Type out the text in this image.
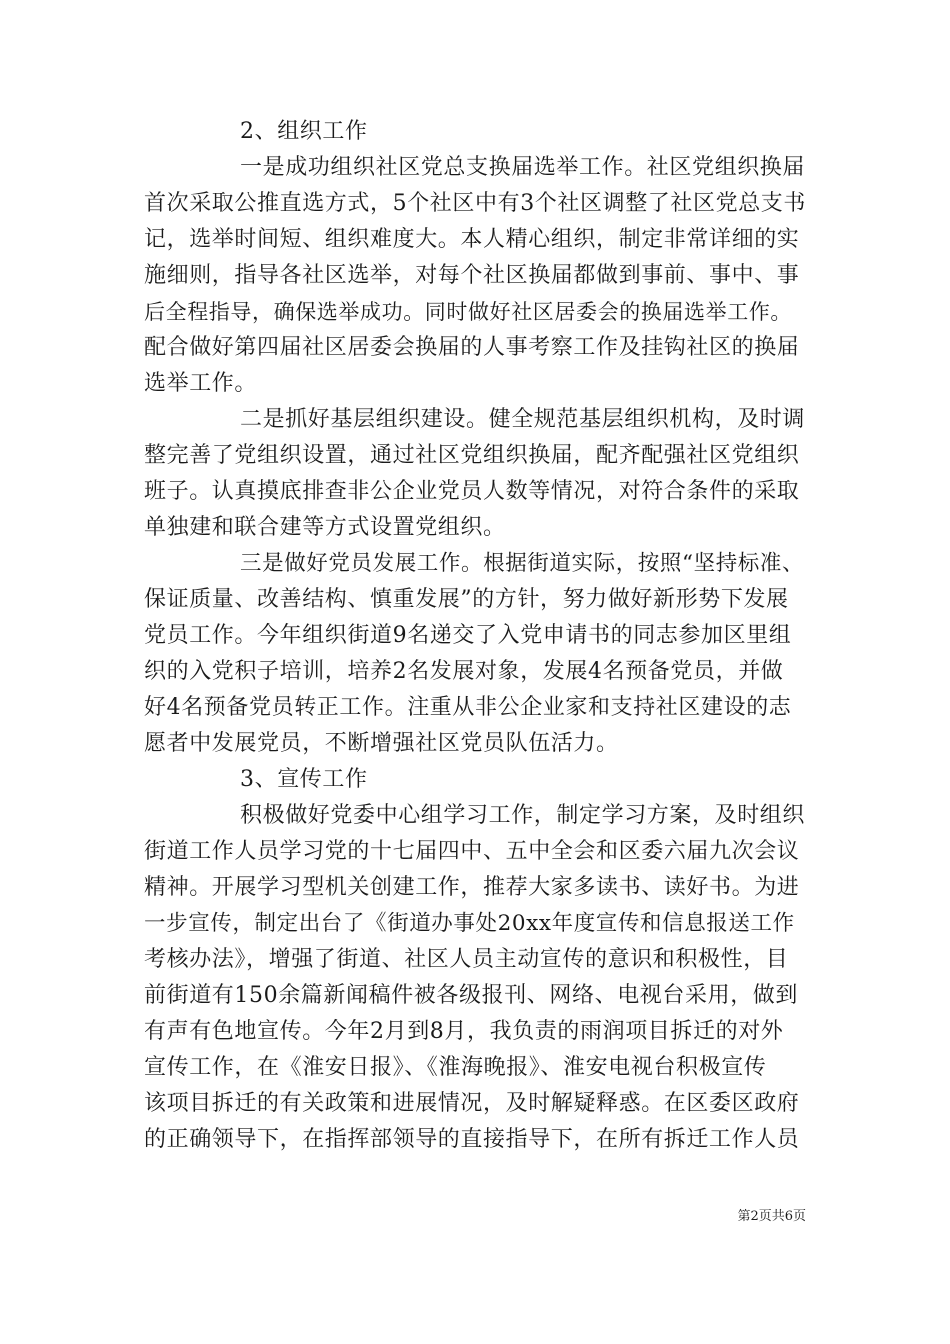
2、组织工作
一是成功组织社区党总支换届选举工作。社区党组织换届
首次采取公推直选方式，5个社区中有3个社区调整了社区党总支书
记，选举时间短、组织难度大。本人精心组织，制定非常详细的实
施细则，指导各社区选举，对每个社区换届都做到事前、事中、事
后全程指导，确保选举成功。同时做好社区居委会的换届选举工作。
配合做好第四届社区居委会换届的人事考察工作及挂钩社区的换届
选举工作。
二是抓好基层组织建设。健全规范基层组织机构，及时调
整完善了党组织设置，通过社区党组织换届，配齐配强社区党组织
班子。认真摸底排查非公企业党员人数等情况，对符合条件的采取
单独建和联合建等方式设置党组织。
三是做好党员发展工作。根据街道实际，按照“坚持标准、
保证质量、改善结构、慎重发展”的方针，努力做好新形势下发展
党员工作。今年组织街道9名递交了入党申请书的同志参加区里组
织的入党积子培训，培养2名发展对象，发展4名预备党员，并做
好4名预备党员转正工作。注重从非公企业家和支持社区建设的志
愿者中发展党员，不断增强社区党员队伍活力。
3、宣传工作
积极做好党委中心组学习工作，制定学习方案，及时组织
街道工作人员学习党的十七届四中、五中全会和区委六届九次会议
精神。开展学习型机关创建工作，推荐大家多读书、读好书。为进
一步宣传，制定出台了《街道办事处20xx年度宣传和信息报送工作
考核办法》，增强了街道、社区人员主动宣传的意识和积极性，目
前街道有150余篇新闻稿件被各级报刊、网络、电视台采用，做到
有声有色地宣传。今年2月到8月，我负责的雨润项目拆迁的对外
宣传工作，在《淮安日报》、《淮海晚报》、淮安电视台积极宣传
该项目拆迁的有关政策和进展情况，及时解疑释惑。在区委区政府
的正确领导下，在指挥部领导的直接指导下，在所有拆迁工作人员
第2页共6页
